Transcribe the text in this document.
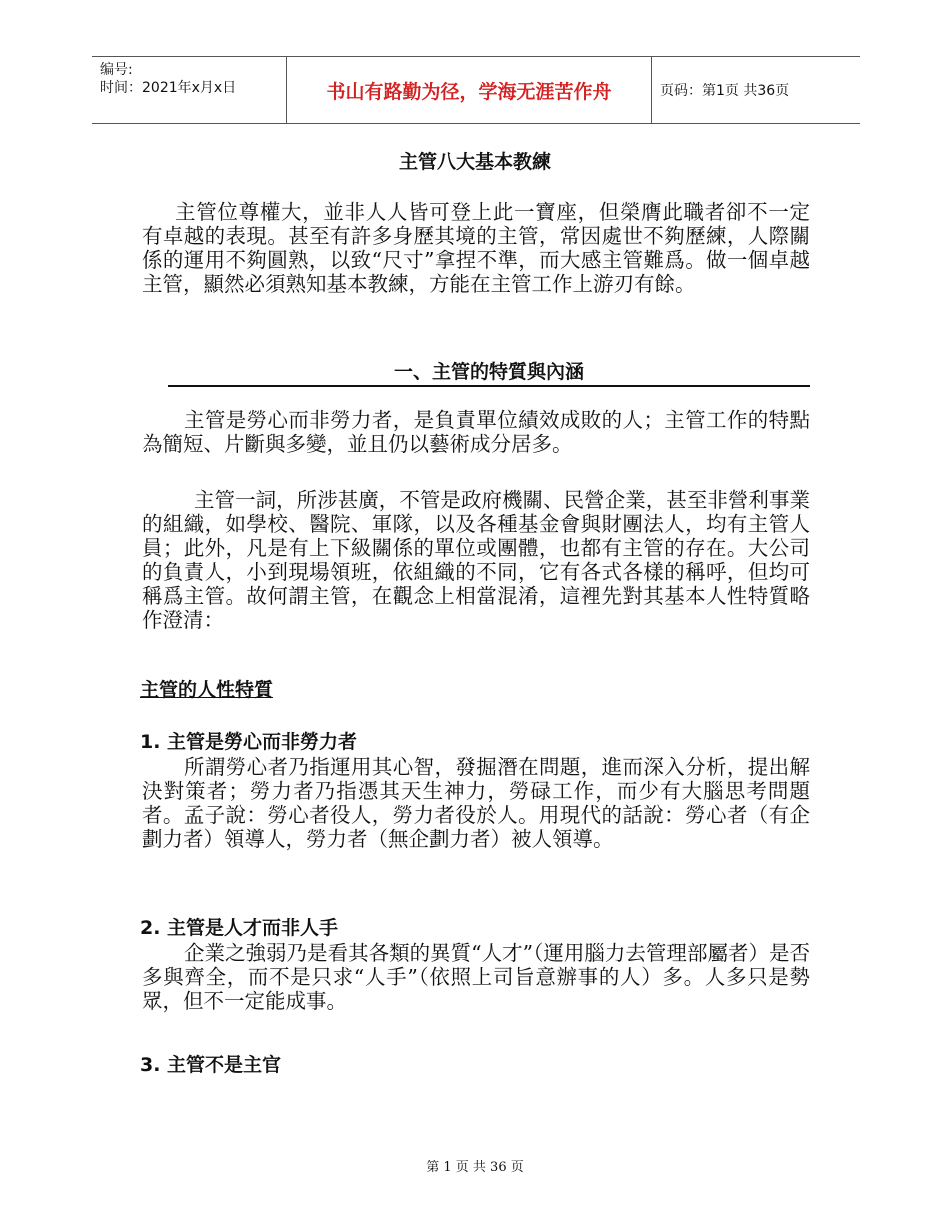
编号:
时间：2021年x月x日	书山有路勤为径，学海无涯苦作舟	页码：第1页 共36页
主管八大基本教練

主管位尊權大，並非人人皆可登上此一寶座，但榮膺此職者卻不一定有卓越的表現。甚至有許多身歷其境的主管，常因處世不夠歷練，人際關係的運用不夠圓熟，以致“尺寸”拿捏不準，而大感主管難爲。做一個卓越主管，顯然必須熟知基本教練，方能在主管工作上游刃有餘。

一、主管的特質與內涵

主管是勞心而非勞力者，是負責單位績效成敗的人；主管工作的特點為簡短、片斷與多變，並且仍以藝術成分居多。

主管一詞，所涉甚廣，不管是政府機關、民營企業，甚至非營利事業的組織，如學校、醫院、軍隊，以及各種基金會與財團法人，均有主管人員；此外，凡是有上下級關係的單位或團體，也都有主管的存在。大公司的負責人，小到現場領班，依組織的不同，它有各式各樣的稱呼，但均可稱爲主管。故何謂主管，在觀念上相當混淆，這裡先對其基本人性特質略作澄清：

主管的人性特質
1. 主管是勞心而非勞力者

所謂勞心者乃指運用其心智，發掘潛在問題，進而深入分析，提出解決對策者；勞力者乃指憑其天生神力，勞碌工作，而少有大腦思考問題者。孟子說：勞心者役人，勞力者役於人。用現代的話說：勞心者（有企劃力者）領導人，勞力者（無企劃力者）被人領導。

2. 主管是人才而非人手

企業之強弱乃是看其各類的異質“人才”（運用腦力去管理部屬者）是否多與齊全，而不是只求“人手”（依照上司旨意辦事的人）多。人多只是勢眾，但不一定能成事。

3. 主管不是主官
第 1 页 共 36 页
